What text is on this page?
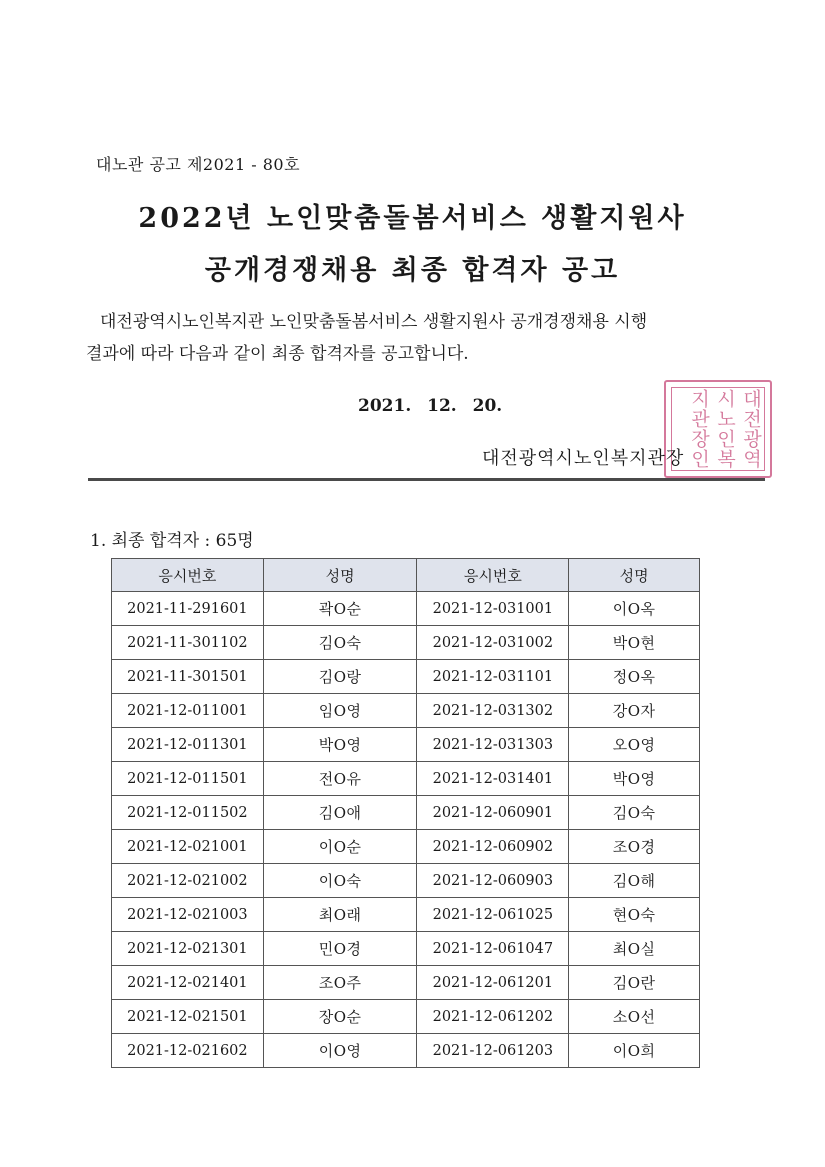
대노관 공고 제2021 - 80호
2022년 노인맞춤돌봄서비스 생활지원사
공개경쟁채용 최종 합격자 공고
대전광역시노인복지관 노인맞춤돌봄서비스 생활지원사 공개경쟁채용 시행
결과에 따라 다음과 같이 최종 합격자를 공고합니다.
2021. 12. 20.	대전광역시노인복지관장인
대전광역시노인복지관장
1. 최종 합격자 : 65명
응시번호	성명	응시번호	성명
2021-11-291601	곽O순	2021-12-031001	이O옥
2021-11-301102	김O숙	2021-12-031002	박O현
2021-11-301501	김O랑	2021-12-031101	정O옥
2021-12-011001	임O영	2021-12-031302	강O자
2021-12-011301	박O영	2021-12-031303	오O영
2021-12-011501	전O유	2021-12-031401	박O영
2021-12-011502	김O애	2021-12-060901	김O숙
2021-12-021001	이O순	2021-12-060902	조O경
2021-12-021002	이O숙	2021-12-060903	김O해
2021-12-021003	최O래	2021-12-061025	현O숙
2021-12-021301	민O경	2021-12-061047	최O실
2021-12-021401	조O주	2021-12-061201	김O란
2021-12-021501	장O순	2021-12-061202	소O선
2021-12-021602	이O영	2021-12-061203	이O희
